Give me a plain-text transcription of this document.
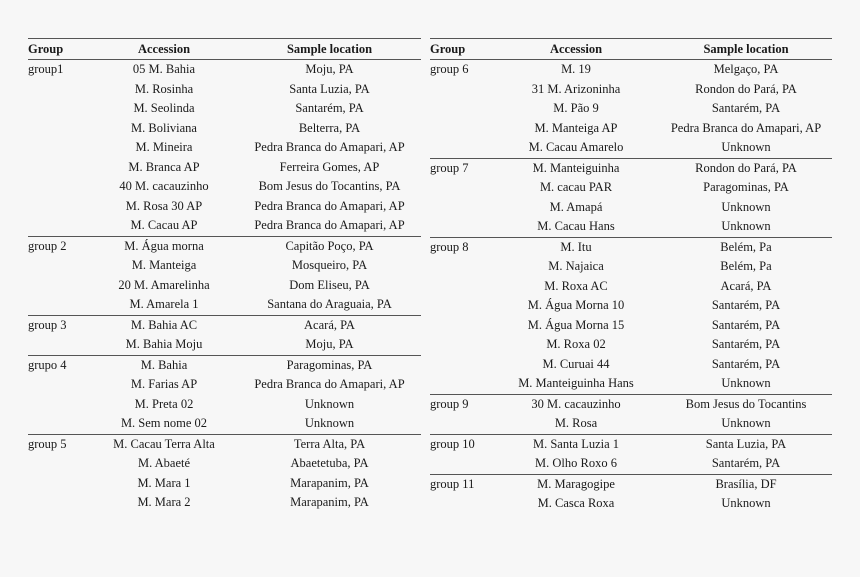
Group	Accession	Sample location
group1	05 M. Bahia	Moju, PA
	M. Rosinha	Santa Luzia, PA
	M. Seolinda	Santarém, PA
	M. Boliviana	Belterra, PA
	M. Mineira	Pedra Branca do Amapari, AP
	M. Branca AP	Ferreira Gomes, AP
	40 M. cacauzinho	Bom Jesus do Tocantins, PA
	M. Rosa 30 AP	Pedra Branca do Amapari, AP
	M. Cacau AP	Pedra Branca do Amapari, AP
group 2	M. Água morna	Capitão Poço, PA
	M. Manteiga	Mosqueiro, PA
	20 M. Amarelinha	Dom Eliseu, PA
	M. Amarela 1	Santana do Araguaia, PA
group 3	M. Bahia AC	Acará, PA
	M. Bahia Moju	Moju, PA
grupo 4	M. Bahia	Paragominas, PA
	M. Farias AP	Pedra Branca do Amapari, AP
	M. Preta 02	Unknown
	M. Sem nome 02	Unknown
group 5	M. Cacau Terra Alta	Terra Alta, PA
	M. Abaeté	Abaetetuba, PA
	M. Mara 1	Marapanim, PA
	M. Mara 2	Marapanim, PA
Group	Accession	Sample location
group 6	M. 19	Melgaço, PA
	31 M. Arizoninha	Rondon do Pará, PA
	M. Pão 9	Santarém, PA
	M. Manteiga AP	Pedra Branca do Amapari, AP
	M. Cacau Amarelo	Unknown
group 7	M. Manteiguinha	Rondon do Pará, PA
	M. cacau PAR	Paragominas, PA
	M. Amapá	Unknown
	M. Cacau Hans	Unknown
group 8	M. Itu	Belém, Pa
	M. Najaica	Belém, Pa
	M. Roxa AC	Acará, PA
	M. Água Morna 10	Santarém, PA
	M. Água Morna 15	Santarém, PA
	M. Roxa 02	Santarém, PA
	M. Curuai 44	Santarém, PA
	M. Manteiguinha Hans	Unknown
group 9	30 M. cacauzinho	Bom Jesus do Tocantins
	M. Rosa	Unknown
group 10	M. Santa Luzia 1	Santa Luzia, PA
	M. Olho Roxo 6	Santarém, PA
group 11	M. Maragogipe	Brasília, DF
	M. Casca Roxa	Unknown
